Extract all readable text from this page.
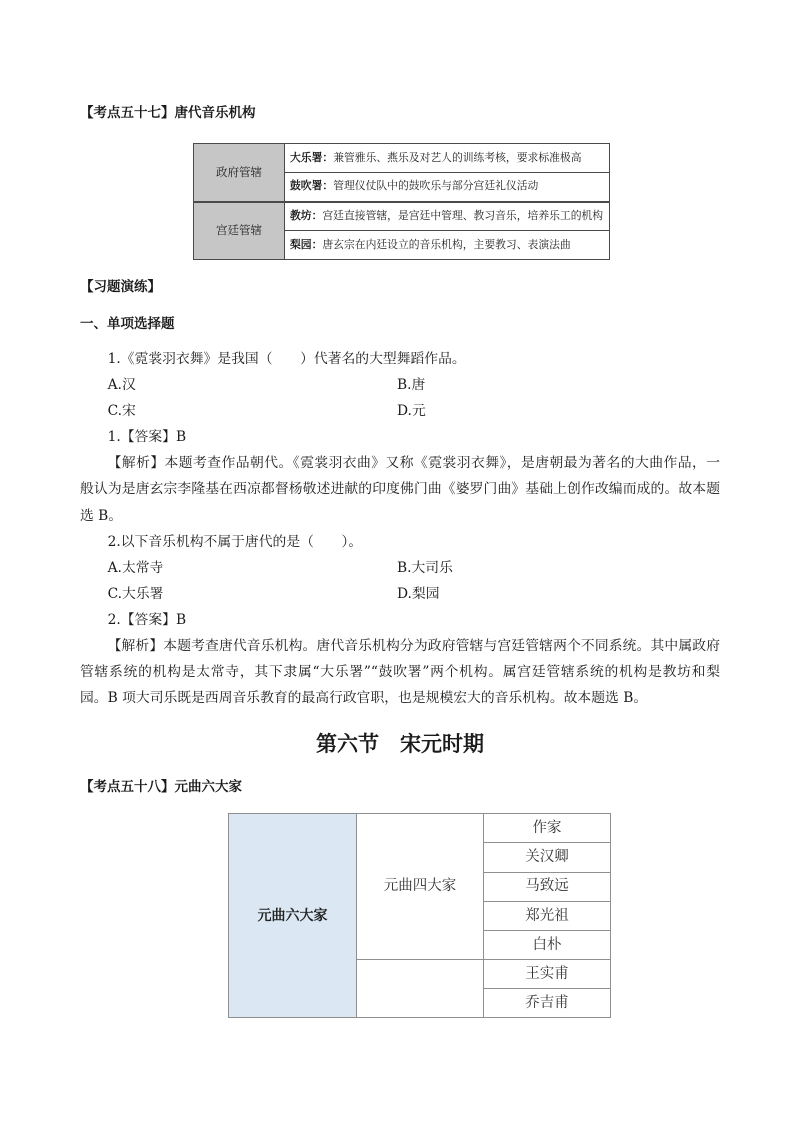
【考点五十七】唐代音乐机构
政府管辖	大乐署：兼管雅乐、燕乐及对艺人的训练考核，要求标准极高
	鼓吹署：管理仪仗队中的鼓吹乐与部分宫廷礼仪活动
宫廷管辖	教坊：宫廷直接管辖，是宫廷中管理、教习音乐，培养乐工的机构
	梨园：唐玄宗在内廷设立的音乐机构，主要教习、表演法曲
【习题演练】
一、单项选择题
1.《霓裳羽衣舞》是我国（　　）代著名的大型舞蹈作品。
A.汉	B.唐
C.宋	D.元
1.【答案】B
【解析】本题考查作品朝代。《霓裳羽衣曲》又称《霓裳羽衣舞》，是唐朝最为著名的大曲作品，一
般认为是唐玄宗李隆基在西凉都督杨敬述进献的印度佛门曲《婆罗门曲》基础上创作改编而成的。故本题
选 B。
2.以下音乐机构不属于唐代的是（　　）。
A.太常寺	B.大司乐
C.大乐署	D.梨园
2.【答案】B
【解析】本题考查唐代音乐机构。唐代音乐机构分为政府管辖与宫廷管辖两个不同系统。其中属政府
管辖系统的机构是太常寺，其下隶属“大乐署”“鼓吹署”两个机构。属宫廷管辖系统的机构是教坊和梨
园。B 项大司乐既是西周音乐教育的最高行政官职，也是规模宏大的音乐机构。故本题选 B。
第六节　宋元时期
【考点五十八】元曲六大家
元曲六大家	元曲四大家	作家
		关汉卿
		马致远
		郑光祖
		白朴
		王实甫
		乔吉甫
